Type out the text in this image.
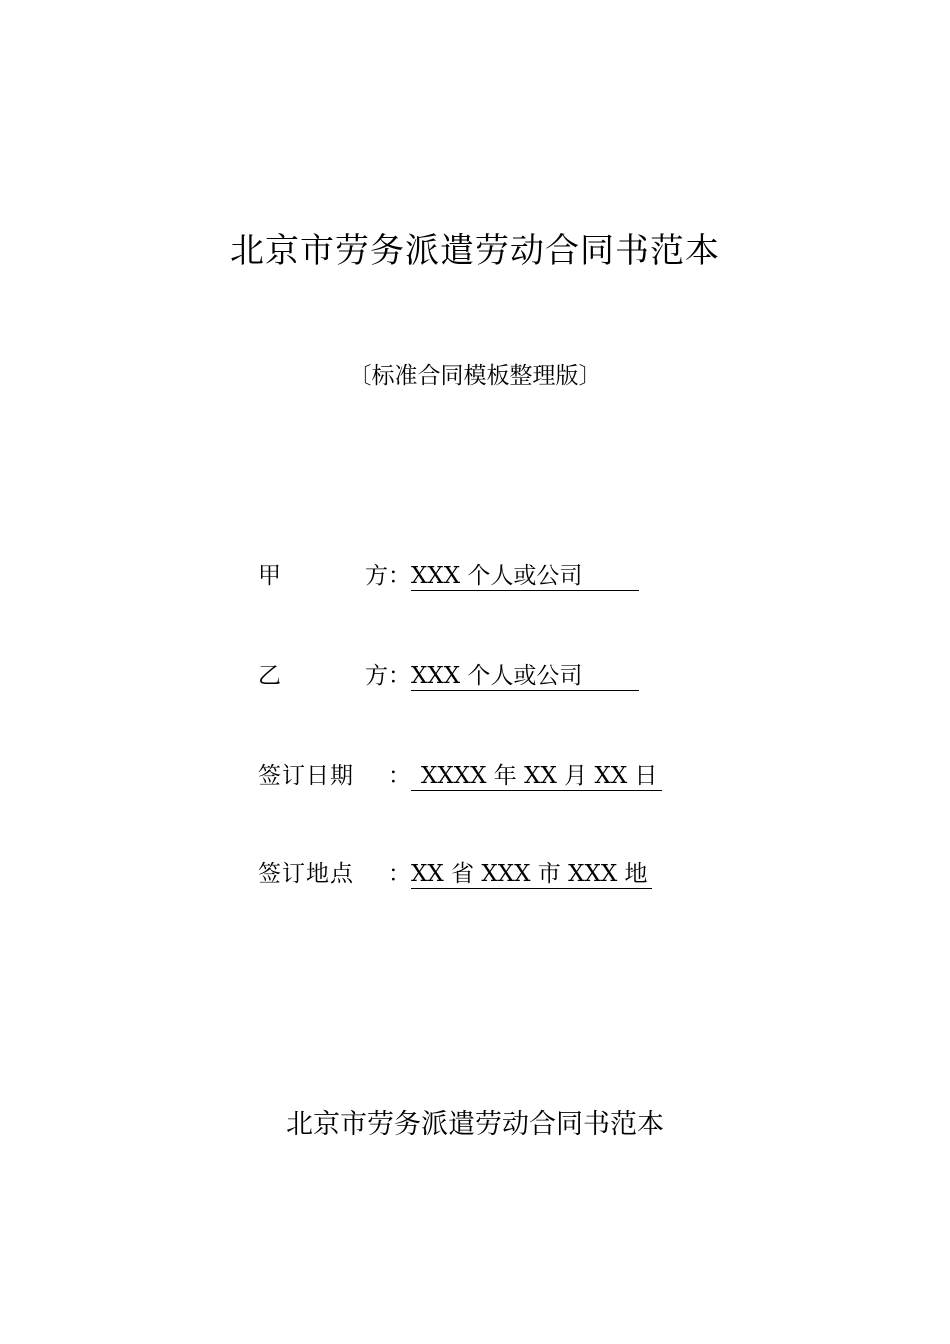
北京市劳务派遣劳动合同书范本

〔标准合同模板整理版〕

甲	方 ： XXX 个人或公司
乙	方 ： XXX 个人或公司
签订日期	： XXXX 年 XX 月 XX 日
签订地点	： XX 省 XXX 市 XXX 地

北京市劳务派遣劳动合同书范本
